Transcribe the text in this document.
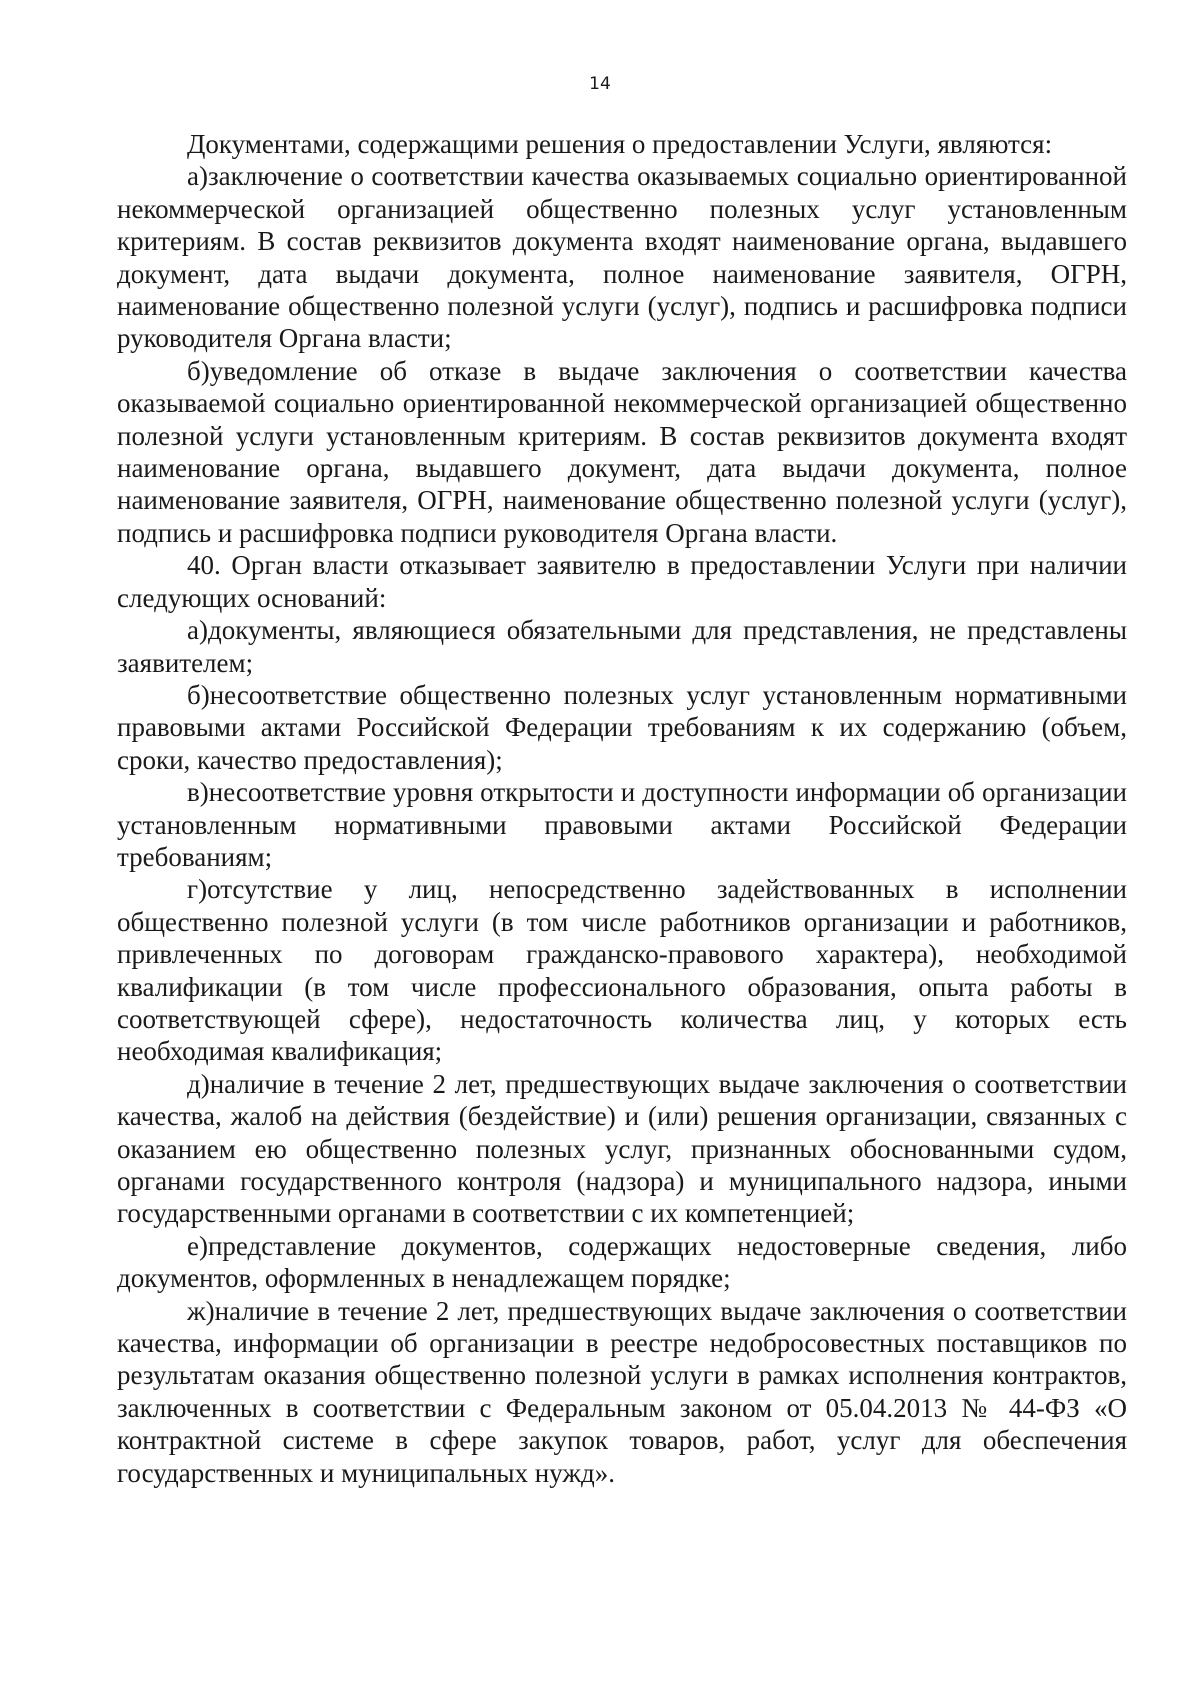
14

Документами, содержащими решения о предоставлении Услуги, являются:

а)заключение о соответствии качества оказываемых социально ориентированной некоммерческой организацией общественно полезных услуг установленным критериям. В состав реквизитов документа входят наименование органа, выдавшего документ, дата выдачи документа, полное наименование заявителя, ОГРН, наименование общественно полезной услуги (услуг), подпись и расшифровка подписи руководителя Органа власти;

б)уведомление об отказе в выдаче заключения о соответствии качества оказываемой социально ориентированной некоммерческой организацией общественно полезной услуги установленным критериям. В состав реквизитов документа входят наименование органа, выдавшего документ, дата выдачи документа, полное наименование заявителя, ОГРН, наименование общественно полезной услуги (услуг), подпись и расшифровка подписи руководителя Органа власти.

40. Орган власти отказывает заявителю в предоставлении Услуги при наличии следующих оснований:

а)документы, являющиеся обязательными для представления, не представлены заявителем;

б)несоответствие общественно полезных услуг установленным нормативными правовыми актами Российской Федерации требованиям к их содержанию (объем, сроки, качество предоставления);

в)несоответствие уровня открытости и доступности информации об организации установленным нормативными правовыми актами Российской Федерации требованиям;

г)отсутствие у лиц, непосредственно задействованных в исполнении общественно полезной услуги (в том числе работников организации и работников, привлеченных по договорам гражданско-правового характера), необходимой квалификации (в том числе профессионального образования, опыта работы в соответствующей сфере), недостаточность количества лиц, у которых есть необходимая квалификация;

д)наличие в течение 2 лет, предшествующих выдаче заключения о соответствии качества, жалоб на действия (бездействие) и (или) решения организации, связанных с оказанием ею общественно полезных услуг, признанных обоснованными судом, органами государственного контроля (надзора) и муниципального надзора, иными государственными органами в соответствии с их компетенцией;

е)представление документов, содержащих недостоверные сведения, либо документов, оформленных в ненадлежащем порядке;

ж)наличие в течение 2 лет, предшествующих выдаче заключения о соответствии качества, информации об организации в реестре недобросовестных поставщиков по результатам оказания общественно полезной услуги в рамках исполнения контрактов, заключенных в соответствии с Федеральным законом от 05.04.2013 № 44-ФЗ «О контрактной системе в сфере закупок товаров, работ, услуг для обеспечения государственных и муниципальных нужд».
